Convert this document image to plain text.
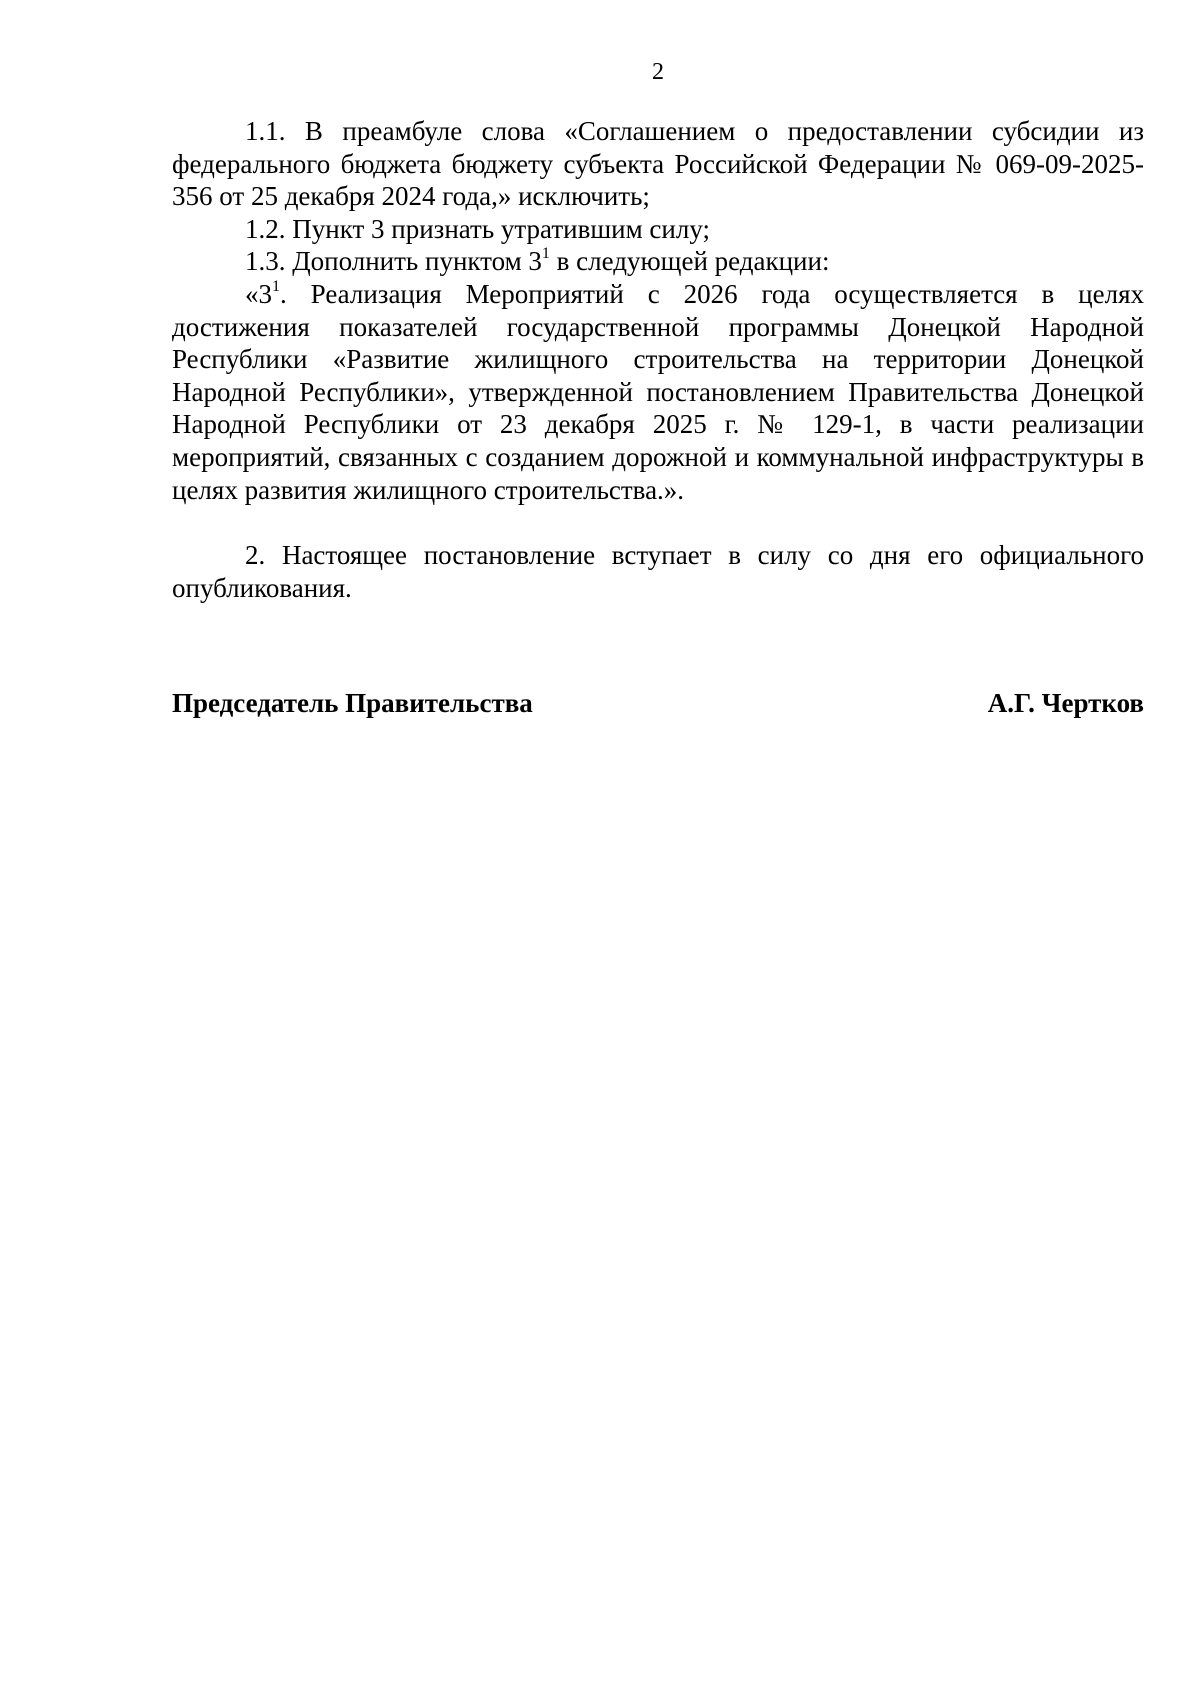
2

1.1. В преамбуле слова «Соглашением о предоставлении субсидии из федерального бюджета бюджету субъекта Российской Федерации № 069-09-2025-356 от 25 декабря 2024 года,» исключить;

1.2. Пункт 3 признать утратившим силу;

1.3. Дополнить пунктом $3^1$ в следующей редакции:

«$3^1$. Реализация Мероприятий с 2026 года осуществляется в целях достижения показателей государственной программы Донецкой Народной Республики «Развитие жилищного строительства на территории Донецкой Народной Республики», утвержденной постановлением Правительства Донецкой Народной Республики от 23 декабря 2025 г. № 129-1, в части реализации мероприятий, связанных с созданием дорожной и коммунальной инфраструктуры в целях развития жилищного строительства.».

2. Настоящее постановление вступает в силу со дня его официального опубликования.

Председатель Правительства	А.Г. Чертков
